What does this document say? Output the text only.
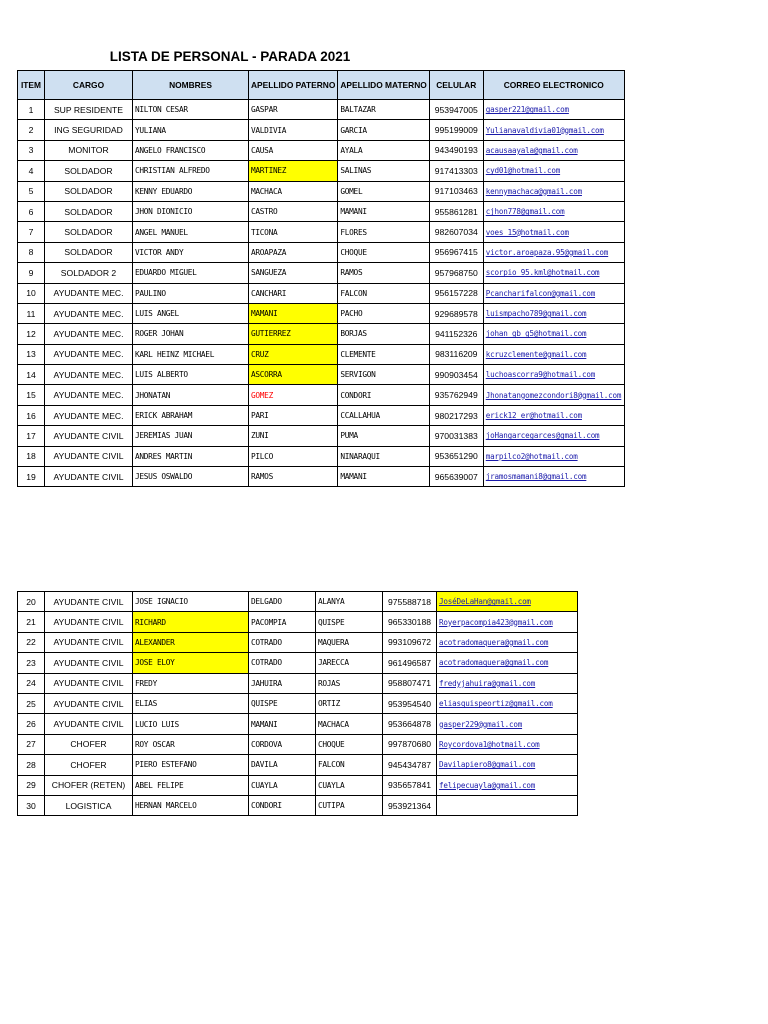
LISTA DE PERSONAL - PARADA 2021
ITEM	CARGO	NOMBRES	APELLIDO PATERNO	APELLIDO MATERNO	CELULAR	CORREO ELECTRONICO
1	SUP RESIDENTE	NILTON CESAR	GASPAR	BALTAZAR	953947005	gasper221@gmail.com
2	ING SEGURIDAD	YULIANA	VALDIVIA	GARCIA	995199009	Yulianavaldivia01@gmail.com
3	MONITOR	ANGELO FRANCISCO	CAUSA	AYALA	943490193	acausaayala@gmail.com
4	SOLDADOR	CHRISTIAN ALFREDO	MARTINEZ	SALINAS	917413303	cyd01@hotmail.com
5	SOLDADOR	KENNY EDUARDO	MACHACA	GOMEL	917103463	kennymachaca@gmail.com
6	SOLDADOR	JHON DIONICIO	CASTRO	MAMANI	955861281	cjhon778@gmail.com
7	SOLDADOR	ANGEL MANUEL	TICONA	FLORES	982607034	voes_15@hotmail.com
8	SOLDADOR	VICTOR ANDY	AROAPAZA	CHOQUE	956967415	victor.aroapaza.95@gmail.com
9	SOLDADOR 2	EDUARDO MIGUEL	SANGUEZA	RAMOS	957968750	scorpio_95.kml@hotmail.com
10	AYUDANTE MEC.	PAULINO	CANCHARI	FALCON	956157228	Pcancharifalcon@gmail.com
11	AYUDANTE MEC.	LUIS ANGEL	MAMANI	PACHO	929689578	luismpacho789@gmail.com
12	AYUDANTE MEC.	ROGER JOHAN	GUTIERREZ	BORJAS	941152326	johan_gb_g5@hotmail.com
13	AYUDANTE MEC.	KARL HEINZ MICHAEL	CRUZ	CLEMENTE	983116209	kcruzclemente@gmail.com
14	AYUDANTE MEC.	LUIS ALBERTO	ASCORRA	SERVIGON	990903454	luchoascorra9@hotmail.com
15	AYUDANTE MEC.	JHONATAN	GOMEZ	CONDORI	935762949	Jhonatangomezcondori8@gmail.com
16	AYUDANTE MEC.	ERICK ABRAHAM	PARI	CCALLAHUA	980217293	erick12_er@hotmail.com
17	AYUDANTE CIVIL	JEREMIAS JUAN	ZUNI	PUMA	970031383	joHangarcegarces@gmail.com
18	AYUDANTE CIVIL	ANDRES MARTIN	PILCO	NINARAQUI	953651290	marpilco2@hotmail.com
19	AYUDANTE CIVIL	JESUS OSWALDO	RAMOS	MAMANI	965639007	jramosmamani8@gmail.com
20	AYUDANTE CIVIL	JOSE IGNACIO	DELGADO	ALANYA	975588718	JoséDeLaHan@gmail.com
21	AYUDANTE CIVIL	RICHARD	PACOMPIA	QUISPE	965330188	Royerpacompia423@gmail.com
22	AYUDANTE CIVIL	ALEXANDER	COTRADO	MAQUERA	993109672	acotradomaquera@gmail.com
23	AYUDANTE CIVIL	JOSE ELOY	COTRADO	JARECCA	961496587	acotradomaquera@gmail.com
24	AYUDANTE CIVIL	FREDY	JAHUIRA	ROJAS	958807471	fredyjahuira@gmail.com
25	AYUDANTE CIVIL	ELIAS	QUISPE	ORTIZ	953954540	eliasquispeortiz@gmail.com
26	AYUDANTE CIVIL	LUCIO LUIS	MAMANI	MACHACA	953664878	gasper229@gmail.com
27	CHOFER	ROY OSCAR	CORDOVA	CHOQUE	997870680	Roycordova1@hotmail.com
28	CHOFER	PIERO ESTEFANO	DAVILA	FALCON	945434787	Davilapiero8@gmail.com
29	CHOFER (RETEN)	ABEL FELIPE	CUAYLA	CUAYLA	935657841	felipecuayla@gmail.com
30	LOGISTICA	HERNAN MARCELO	CONDORI	CUTIPA	953921364	
